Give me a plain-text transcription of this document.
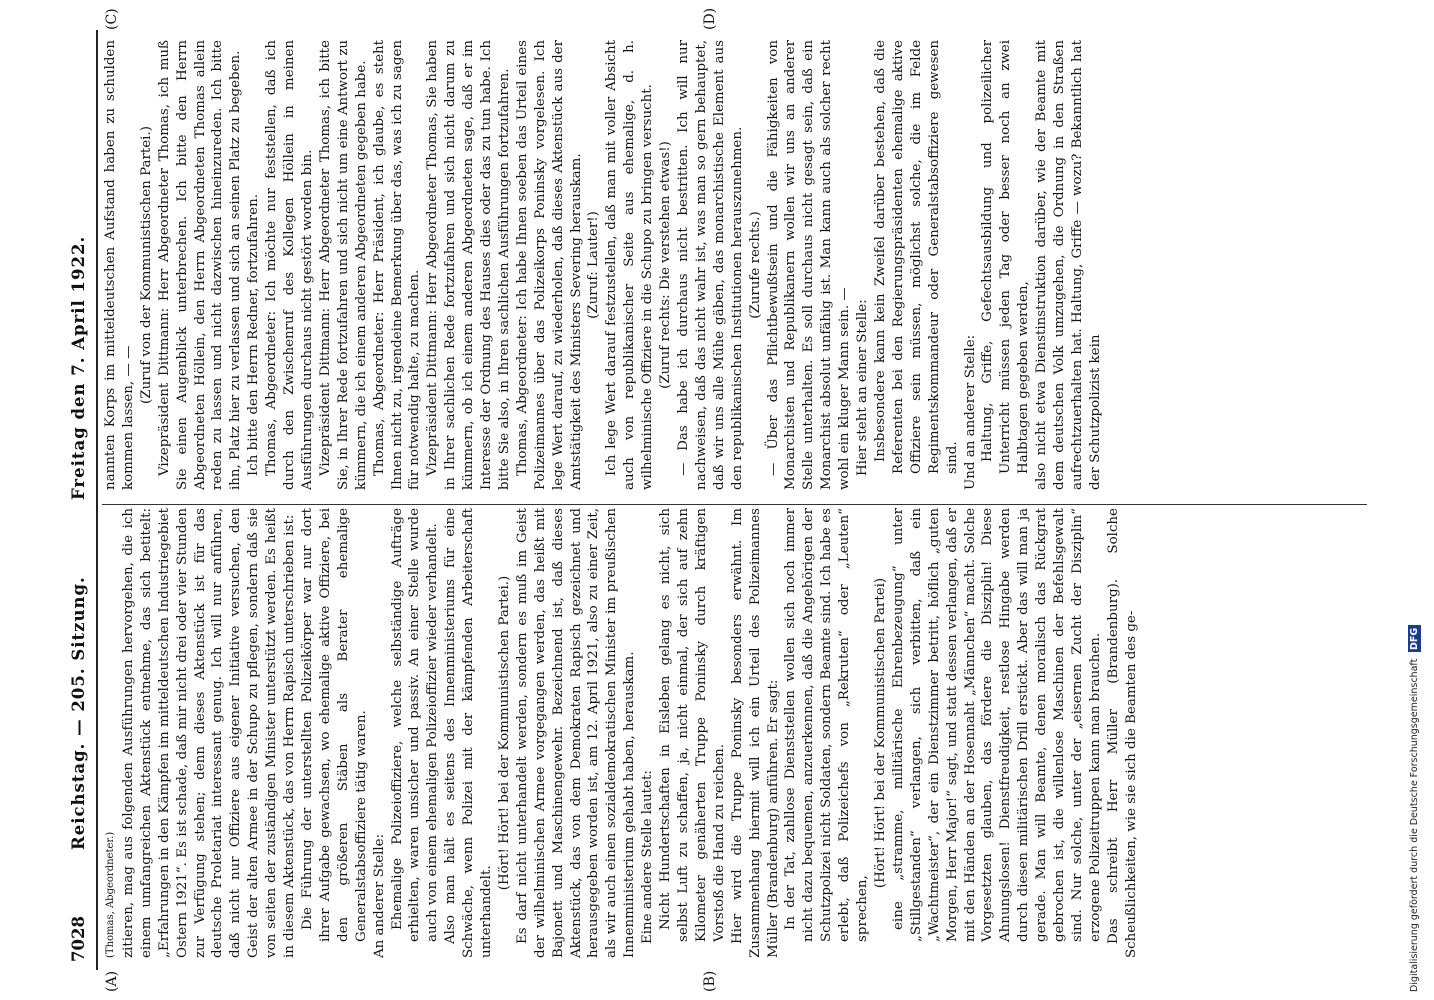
7028
Reichstag. — 205. Sitzung.
Freitag den 7. April 1922.
(A)	(B)
(C)	(D)

(Thomas, Abgeordneter.) zitieren, mag aus folgenden Ausführungen hervorgehen, die ich einem umfangreichen Aktenstück entnehme, das sich betitelt: „Erfahrungen in den Kämpfen im mitteldeutschen Industriegebiet Ostern 1921“. Es ist schade, daß mir nicht drei oder vier Stunden zur Verfügung stehen; denn dieses Aktenstück ist für das deutsche Proletariat interessant genug. Ich will nur anführen, daß nicht nur Offiziere aus eigener Initiative versuchen, den Geist der alten Armee in der Schupo zu pflegen, sondern daß sie von seiten der zuständigen Minister unterstützt werden. Es heißt in diesem Aktenstück, das von Herrn Rapisch unterschrieben ist: Die Führung der unterstellten Polizeikörper war nur dort ihrer Aufgabe gewachsen, wo ehemalige aktive Offiziere, bei den größeren Stäben als Berater ehemalige Generalstabsoffiziere tätig waren. An anderer Stelle: Ehemalige Polizeioffiziere, welche selbständige Aufträge erhielten, waren unsicher und passiv. An einer Stelle wurde auch von einem ehemaligen Polizeioffizier wieder verhandelt. Also man hält es seitens des Innenministeriums für eine Schwäche, wenn Polizei mit der kämpfenden Arbeiterschaft unterhandelt.

(Hört! Hört! bei der Kommunistischen Partei.) Es darf nicht unterhandelt werden, sondern es muß im Geist der wilhelminischen Armee vorgegangen werden, das heißt mit Bajonett und Maschinengewehr. Bezeichnend ist, daß dieses Aktenstück, das von dem Demokraten Rapisch gezeichnet und herausgegeben worden ist, am 12. April 1921, also zu einer Zeit, als wir auch einen sozialdemokratischen Minister im preußischen Innenministerium gehabt haben, herauskam. Eine andere Stelle lautet: Nicht Hundertschaften in Eisleben gelang es nicht, sich selbst Luft zu schaffen, ja, nicht einmal, der sich auf zehn Kilometer genäherten Truppe Poninsky durch kräftigen Vorstoß die Hand zu reichen. Hier wird die Truppe Poninsky besonders erwähnt. Im Zusammenhang hiermit will ich ein Urteil des Polizeimannes Müller (Brandenburg) anführen. Er sagt: In der Tat, zahllose Dienststellen wollen sich noch immer nicht dazu bequemen, anzuerkennen, daß die Angehörigen der Schutzpolizei nicht Soldaten, sondern Beamte sind. Ich habe es erlebt, daß Polizeichefs von „Rekruten“ oder „Leuten“ sprechen,

(Hört! Hört! bei der Kommunistischen Partei) eine „stramme, militärische Ehrenbezeugung“ unter „Stillgestanden“ verlangen, sich verbitten, daß ein „Wachtmeister“, der ein Dienstzimmer betritt, höflich „guten Morgen, Herr Major!“ sagt, und statt dessen verlangen, daß er mit den Händen an der Hosennaht „Männchen“ macht. Solche Vorgesetzten glauben, das fördere die Disziplin! Diese Ahnungslosen! Dienstfreudigkeit, restlose Hingabe werden durch diesen militärischen Drill erstickt. Aber das will man ja gerade. Man will Beamte, denen moralisch das Rückgrat gebrochen ist, die willenlose Maschinen der Befehlsgewalt sind. Nur solche, unter der „eisernen Zucht der Disziplin“ erzogene Polizeitruppen kann man brauchen. Das schreibt Herr Müller (Brandenburg). Solche Scheußlichkeiten, wie sie sich die Beamten des ge-

nannten Korps im mitteldeutschen Aufstand haben zu schulden kommen lassen, — —

(Zuruf von der Kommunistischen Partei.) Vizepräsident Dittmann: Herr Abgeordneter Thomas, ich muß Sie einen Augenblick unterbrechen. Ich bitte den Herrn Abgeordneten Höllein, den Herrn Abgeordneten Thomas allein reden zu lassen und nicht dazwischen hineinzureden. Ich bitte ihn, Platz hier zu verlassen und sich an seinen Platz zu begeben. Ich bitte den Herrn Redner, fortzufahren. Thomas, Abgeordneter: Ich möchte nur feststellen, daß ich durch den Zwischenruf des Kollegen Höllein in meinen Ausführungen durchaus nicht gestört worden bin. Vizepräsident Dittmann: Herr Abgeordneter Thomas, ich bitte Sie, in Ihrer Rede fortzufahren und sich nicht um eine Antwort zu kümmern, die ich einem anderen Abgeordneten gegeben habe. Thomas, Abgeordneter: Herr Präsident, ich glaube, es steht Ihnen nicht zu, irgendeine Bemerkung über das, was ich zu sagen für notwendig halte, zu machen. Vizepräsident Dittmann: Herr Abgeordneter Thomas, Sie haben in Ihrer sachlichen Rede fortzufahren und sich nicht darum zu kümmern, ob ich einem anderen Abgeordneten sage, daß er im Interesse der Ordnung des Hauses dies oder das zu tun habe. Ich bitte Sie also, in Ihren sachlichen Ausführungen fortzufahren. Thomas, Abgeordneter: Ich habe Ihnen soeben das Urteil eines Polizeimannes über das Polizeikorps Poninsky vorgelesen. Ich lege Wert darauf, zu wiederholen, daß dieses Aktenstück aus der Amtstätigkeit des Ministers Severing herauskam. (Zuruf: Lauter!) Ich lege Wert darauf festzustellen, daß man mit voller Absicht auch von republikanischer Seite aus ehemalige, d. h. wilhelminische Offiziere in die Schupo zu bringen versucht. (Zuruf rechts: Die verstehen etwas!) — Das habe ich durchaus nicht bestritten. Ich will nur nachweisen, daß das nicht wahr ist, was man so gern behauptet, daß wir uns alle Mühe gäben, das monarchistische Element aus den republikanischen Institutionen herauszunehmen. (Zurufe rechts.) — Über das Pflichtbewußtsein und die Fähigkeiten von Monarchisten und Republikanern wollen wir uns an anderer Stelle unterhalten. Es soll durchaus nicht gesagt sein, daß ein Monarchist absolut unfähig ist. Man kann auch als solcher recht wohl ein kluger Mann sein. — Hier steht an einer Stelle: Insbesondere kann kein Zweifel darüber bestehen, daß die Referenten bei den Regierungspräsidenten ehemalige aktive Offiziere sein müssen, möglichst solche, die im Felde Regimentskommandeur oder Generalstabsoffiziere gewesen sind. Und an anderer Stelle: Haltung, Griffe, Gefechtsausbildung und polizeilicher Unterricht müssen jeden Tag oder besser noch an zwei Halbtagen gegeben werden, also nicht etwa Dienstinstruktion darüber, wie der Beamte mit dem deutschen Volk umzugehen, die Ordnung in den Straßen aufrechtzuerhalten hat. Haltung, Griffe — wozu? Bekanntlich hat der Schutzpolizist kein

Digitalisierung gefördert durch die Deutsche Forschungsgemeinschaft DFG
